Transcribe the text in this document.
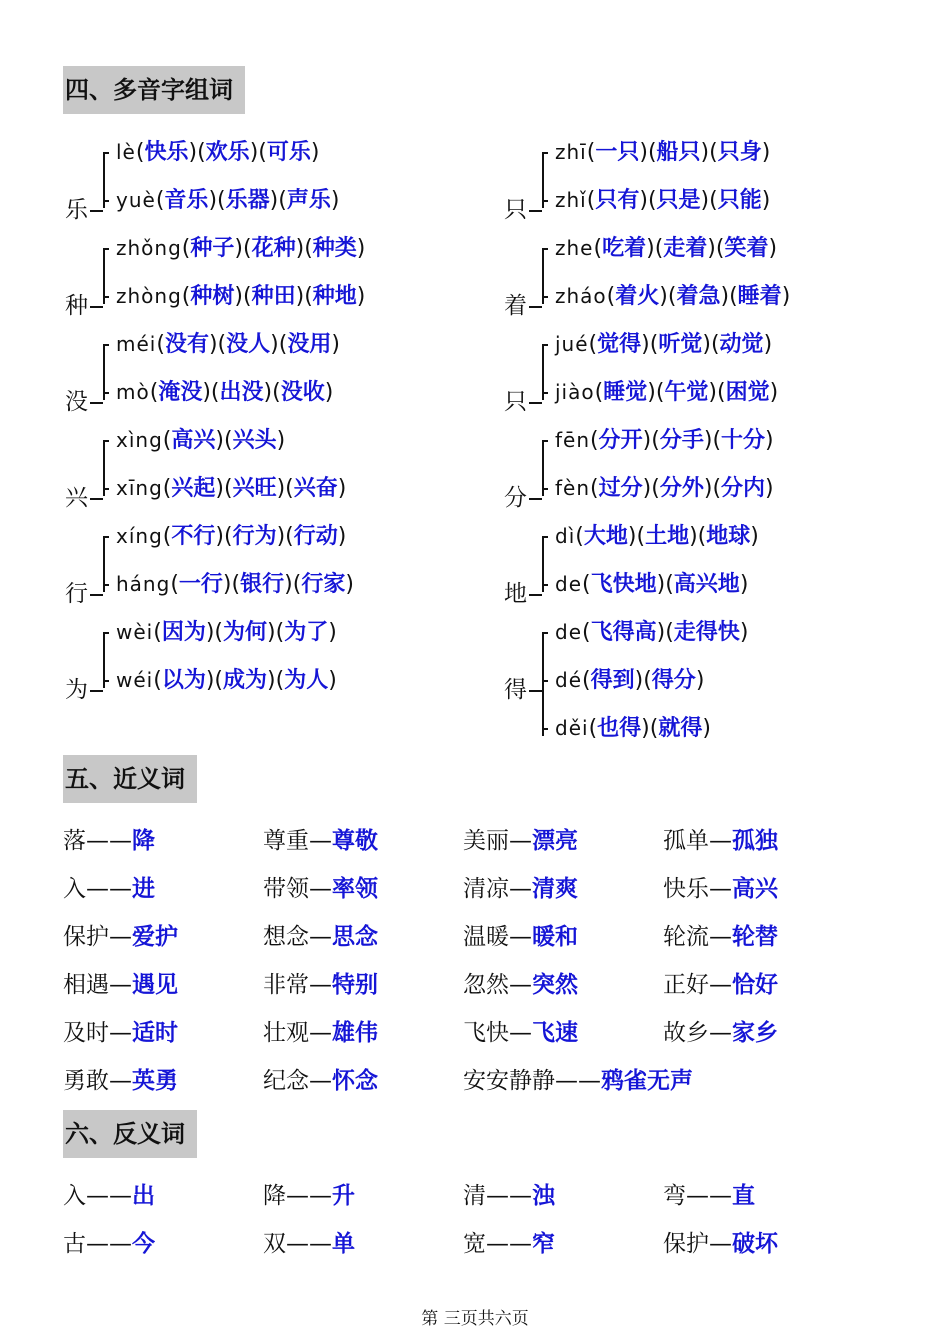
四、多音字组词
乐
lè(快乐)(欢乐)(可乐)
yuè(音乐)(乐器)(声乐)
种
zhǒng(种子)(花种)(种类)
zhòng(种树)(种田)(种地)
没
méi(没有)(没人)(没用)
mò(淹没)(出没)(没收)
兴
xìng(高兴)(兴头)
xīng(兴起)(兴旺)(兴奋)
行
xíng(不行)(行为)(行动)
háng(一行)(银行)(行家)
为
wèi(因为)(为何)(为了)
wéi(以为)(成为)(为人)
只
zhī(一只)(船只)(只身)
zhǐ(只有)(只是)(只能)
着
zhe(吃着)(走着)(笑着)
zháo(着火)(着急)(睡着)
只
jué(觉得)(听觉)(动觉)
jiào(睡觉)(午觉)(困觉)
分
fēn(分开)(分手)(十分)
fèn(过分)(分外)(分内)
地
dì(大地)(土地)(地球)
de(飞快地)(高兴地)
得
de(飞得高)(走得快)
dé(得到)(得分)
děi(也得)(就得)
五、近义词
落——降	尊重—尊敬	美丽—漂亮	孤单—孤独
入——进	带领—率领	清凉—清爽	快乐—高兴
保护—爱护	想念—思念	温暖—暖和	轮流—轮替
相遇—遇见	非常—特别	忽然—突然	正好—恰好
及时—适时	壮观—雄伟	飞快—飞速	故乡—家乡
勇敢—英勇	纪念—怀念	安安静静——鸦雀无声
六、反义词
入——出	降——升	清——浊	弯——直
古——今	双——单	宽——窄	保护—破坏
第 三页共六页
